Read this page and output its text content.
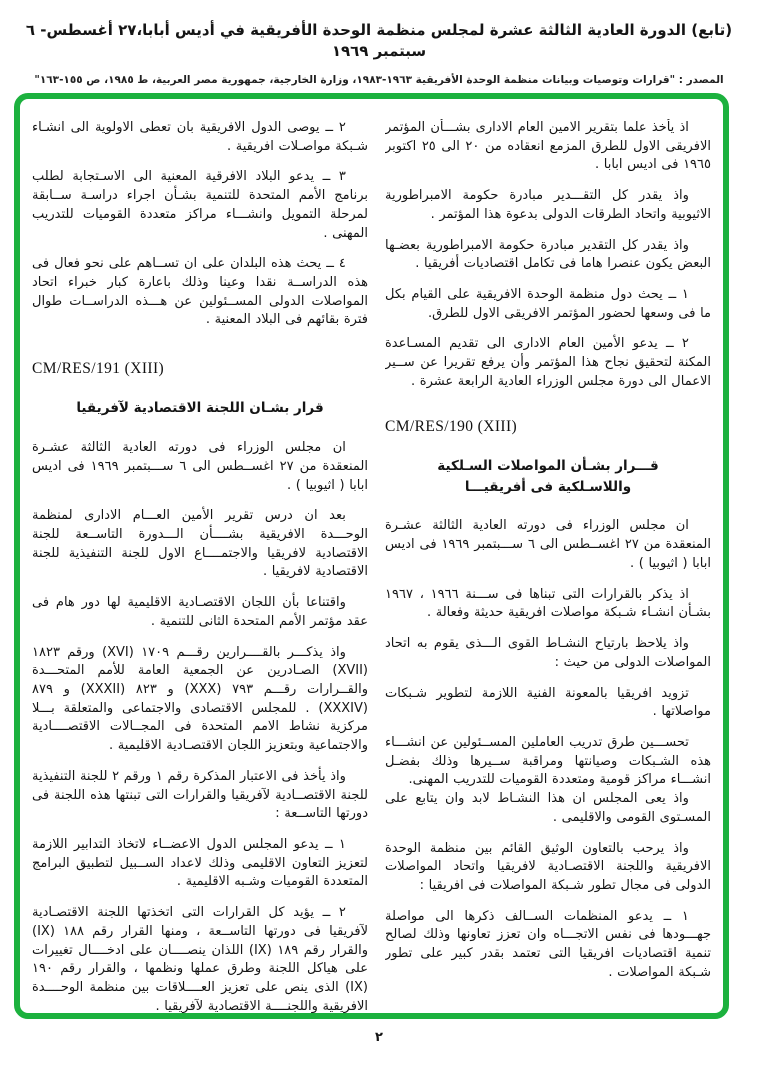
(تابع) الدورة العادية الثالثة عشرة لمجلس منظمة الوحدة الأفريقية في أديس أبابا،٢٧ أغسطس- ٦ سبتمبر ١٩٦٩
المصدر : "قرارات وتوصيات وبيانات منظمة الوحدة الأفريقية ١٩٦٣-١٩٨٣، وزارة الخارجية، جمهورية مصر العربية، ط ١٩٨٥، ص ١٥٥-١٦٣"

اذ يأخذ علما بتقرير الامين العام الادارى بشـــأن المؤتمر الافريقى الاول للطرق المزمع انعقاده من ٢٠ الى ٢٥ اكتوبر ١٩٦٥ فى اديس ابابا .

واذ يقدر كل التقـــدير مبادرة حكومة الامبراطورية الاثيوبية واتحاد الطرقات الدولى بدعوة هذا المؤتمر .

واذ يقدر كل التقدير مبادرة حكومة الامبراطورية بعضـها البعض يكون عنصرا هاما فى تكامل اقتصاديات أفريقيا .

١ ــ يحث دول منظمة الوحدة الافريقية على القيام بكل ما فى وسعها لحضور المؤتمر الافريقى الاول للطرق.

٢ ــ يدعو الأمين العام الادارى الى تقديم المسـاعدة المكنة لتحقيق نجاح هذا المؤتمر وأن يرفع تقريرا عن ســير الاعمال الى دورة مجلس الوزراء العادية الرابعة عشرة .

CM/RES/190 (XIII)
قـــرار بشـأن المواصلات السـلكية
واللاسـلكية فى أفريقيـــا

ان مجلس الوزراء فى دورته العادية الثالثة عشـرة المنعقدة من ٢٧ اغســطس الى ٦ ســـبتمبر ١٩٦٩ فى اديس ابابا ( اثيوبيا ) .

اذ يذكر بالقرارات التى تبناها فى ســـنة ١٩٦٦ ، ١٩٦٧ بشـأن انشـاء شـبكة مواصلات افريقية حديثة وفعالة .

واذ يلاحظ بارتياح النشـاط القوى الـــذى يقوم به اتحاد المواصلات الدولى من حيث :

تزويد افريقيا بالمعونة الفنية اللازمة لتطوير شـبكات مواصلاتها .

تحســـين طرق تدريب العاملين المســئولين عن انشـــاء هذه الشـبكات وصيانتها ومراقبة ســيرها وذلك بفضـل انشـــاء مراكز قومية ومتعددة القوميات للتدريب المهنى.

واذ يعى المجلس ان هذا النشـاط لابد وان يتابع على المسـتوى القومى والاقليمى .

واذ يرحب بالتعاون الوثيق القائم بين منظمة الوحدة الافريقية واللجنة الاقتصـادية لافريقيا واتحاد المواصلات الدولى فى مجال تطور شـبكة المواصلات فى افريقيا :

١ ــ يدعو المنظمات الســالف ذكرها الى مواصلة جهـــودها فى نفس الاتجـــاه وان تعزز تعاونها وذلك لصالح تنمية اقتصاديات افريقيا التى تعتمد بقدر كبير على تطور شـبكة المواصلات .

٢ ــ يوصى الدول الافريقية بان تعطى الاولوية الى انشـاء شـبكة مواصـلات افريقية .

٣ ــ يدعو البلاد الافرقية المعنية الى الاسـتجابة لطلب برنامج الأمم المتحدة للتنمية بشـأن اجراء دراسـة ســابقة لمرحلة التمويل وانشـــاء مراكز متعددة القوميات للتدريب المهنى .

٤ ــ يحث هذه البلدان على ان تســاهم على نحو فعال فى هذه الدراســة نقدا وعينا وذلك باعارة كبار خبراء اتحاد المواصلات الدولى المســئولين عن هـــذه الدراســات طوال فترة بقائهم فى البلاد المعنية .

CM/RES/191 (XIII)
قرار بشـان اللجنة الاقتصادية لآفريقيا

ان مجلس الوزراء فى دورته العادية الثالثة عشـرة المنعقدة من ٢٧ اغســطس الى ٦ ســـبتمبر ١٩٦٩ فى اديس ابابا ( اثيوبيا ) .

بعد ان درس تقرير الأمين العـــام الادارى لمنظمة الوحـــدة الافريقية بشــــأن الـــدورة التاســعة للجنة الاقتصادية لافريقيا والاجتمــــاع الاول للجنة التنفيذية للجنة الاقتصادية لافريقيا .

واقتناعا بأن اللجان الاقتصـادية الاقليمية لها دور هام فى عقد مؤتمر الأمم المتحدة الثانى للتنمية .

واذ يذكـــر بالقــــرارين رقـــم ١٧٠٩ (XVI) ورقم ١٨٢٣ (XVII) الصـادرين عن الجمعية العامة للأمم المتحـــدة والقــرارات رقـــم ٧٩٣ (XXX) و ٨٢٣ (XXXII) و ٨٧٩ (XXXIV) . للمجلس الاقتصادى والاجتماعى والمتعلقة بـــلا مركزية نشاط الامم المتحدة فى المجــالات الاقتصــــادية والاجتماعية وبتعزيز اللجان الاقتصـادية الاقليمية .

واذ يأخذ فى الاعتبار المذكرة رقم ١ ورقم ٢ للجنة التنفيذية للجنة الاقتصــادية لآفريقيا والقرارات التى تبنتها هذه اللجنة فى دورتها التاســعة :

١ ــ يدعو المجلس الدول الاعضــاء لاتخاذ التدابير اللازمة لتعزيز التعاون الاقليمى وذلك لاعداد الســبيل لتطبيق البرامج المتعددة القوميات وشـبه الاقليمية .

٢ ــ يؤيد كل القرارات التى اتخذتها اللجنة الاقتصـادية لآفريقيا فى دورتها التاســعة ، ومنها القرار رقم ١٨٨ (IX) والقرار رقم ١٨٩ (IX) اللذان ينصــــان على ادخــــال تغييرات على هياكل اللجنة وطرق عملها ونظمها ، والقرار رقم ١٩٠ (IX) الذى ينص على تعزيز العــــلاقات بين منظمة الوحــــدة الافريقية واللجنــــة الاقتصادية لآفريقيا .

٢
